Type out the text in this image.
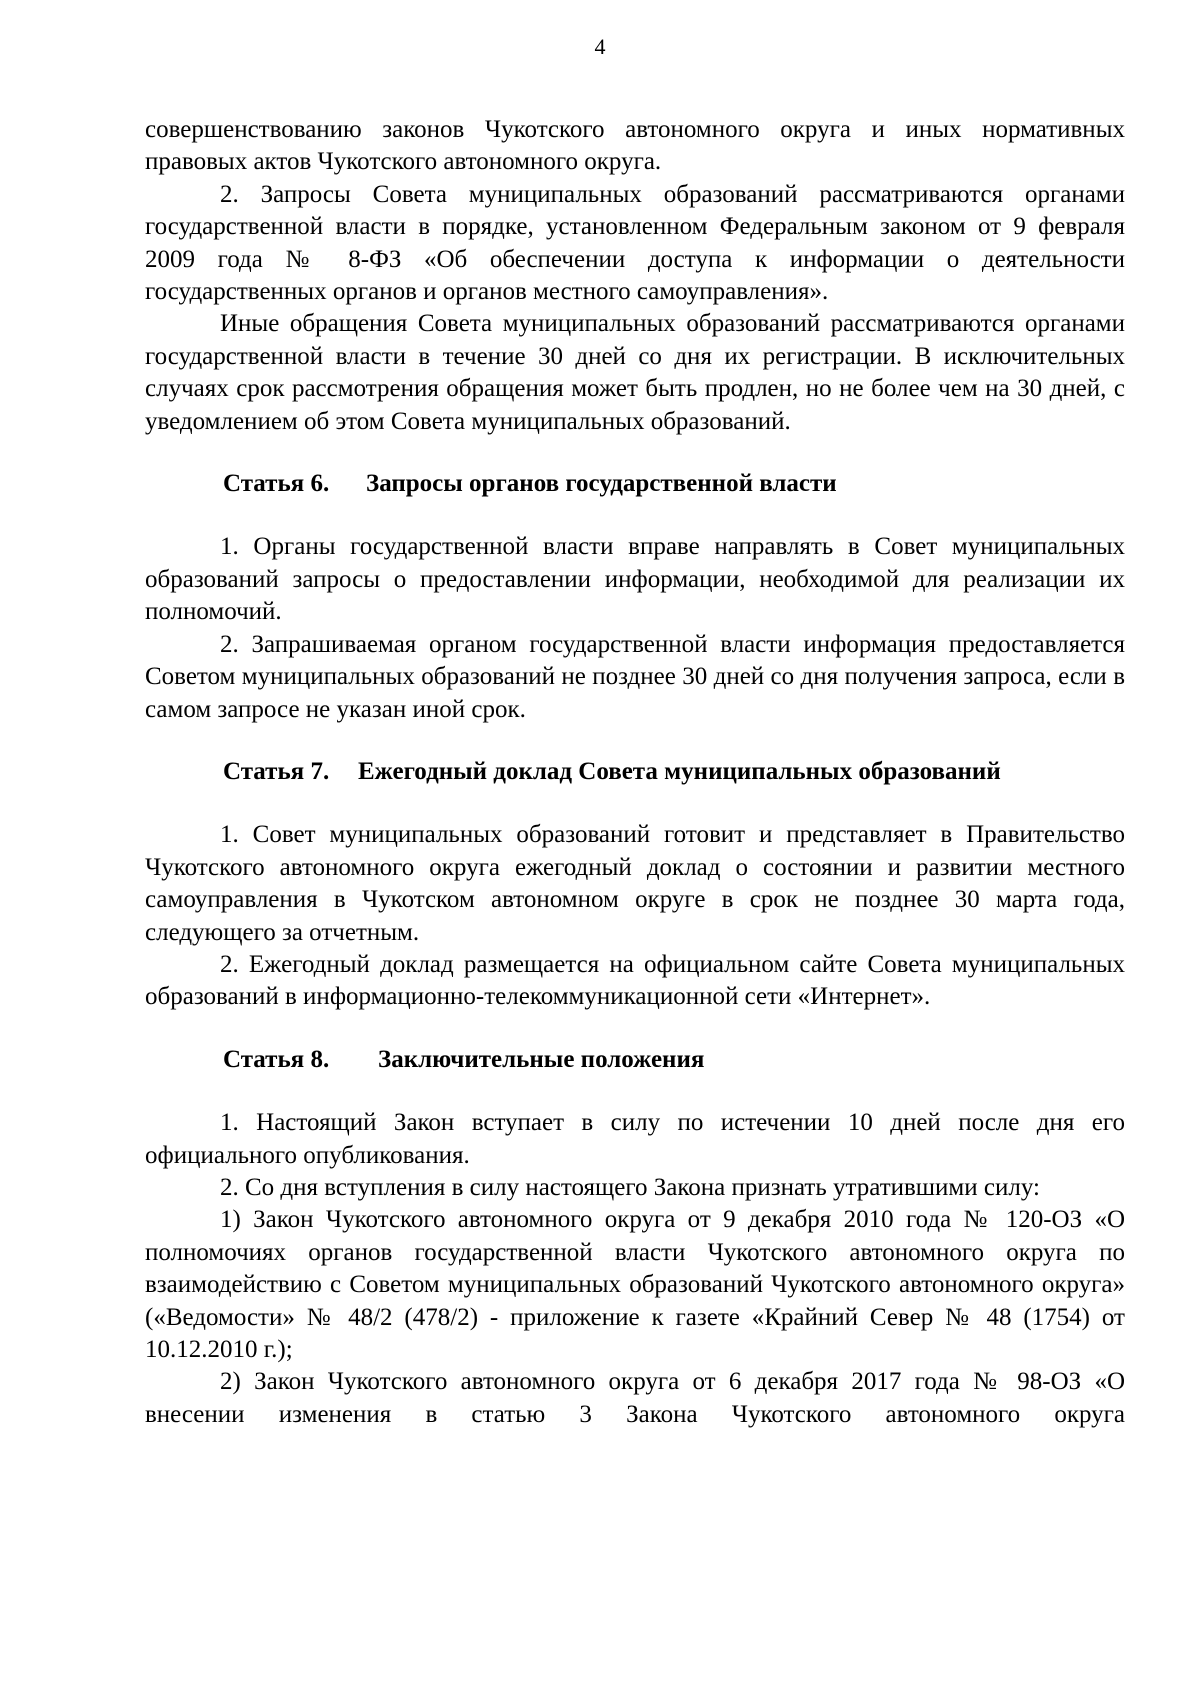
4

совершенствованию законов Чукотского автономного округа и иных нормативных правовых актов Чукотского автономного округа.

2. Запросы Совета муниципальных образований рассматриваются органами государственной власти в порядке, установленном Федеральным законом от 9 февраля 2009 года № 8-ФЗ «Об обеспечении доступа к информации о деятельности государственных органов и органов местного самоуправления».

Иные обращения Совета муниципальных образований рассматриваются органами государственной власти в течение 30 дней со дня их регистрации. В исключительных случаях срок рассмотрения обращения может быть продлен, но не более чем на 30 дней, с уведомлением об этом Совета муниципальных образований.

Статья 6. Запросы органов государственной власти

1. Органы государственной власти вправе направлять в Совет муниципальных образований запросы о предоставлении информации, необходимой для реализации их полномочий.

2. Запрашиваемая органом государственной власти информация предоставляется Советом муниципальных образований не позднее 30 дней со дня получения запроса, если в самом запросе не указан иной срок.

Статья 7. Ежегодный доклад Совета муниципальных образований

1. Совет муниципальных образований готовит и представляет в Правительство Чукотского автономного округа ежегодный доклад о состоянии и развитии местного самоуправления в Чукотском автономном округе в срок не позднее 30 марта года, следующего за отчетным.

2. Ежегодный доклад размещается на официальном сайте Совета муниципальных образований в информационно-телекоммуникационной сети «Интернет».

Статья 8. Заключительные положения

1. Настоящий Закон вступает в силу по истечении 10 дней после дня его официального опубликования.

2. Со дня вступления в силу настоящего Закона признать утратившими силу:

1) Закон Чукотского автономного округа от 9 декабря 2010 года № 120-ОЗ «О полномочиях органов государственной власти Чукотского автономного округа по взаимодействию с Советом муниципальных образований Чукотского автономного округа» («Ведомости» № 48/2 (478/2) - приложение к газете «Крайний Север № 48 (1754) от 10.12.2010 г.);

2) Закон Чукотского автономного округа от 6 декабря 2017 года № 98-ОЗ «О внесении изменения в статью 3 Закона Чукотского автономного округа
